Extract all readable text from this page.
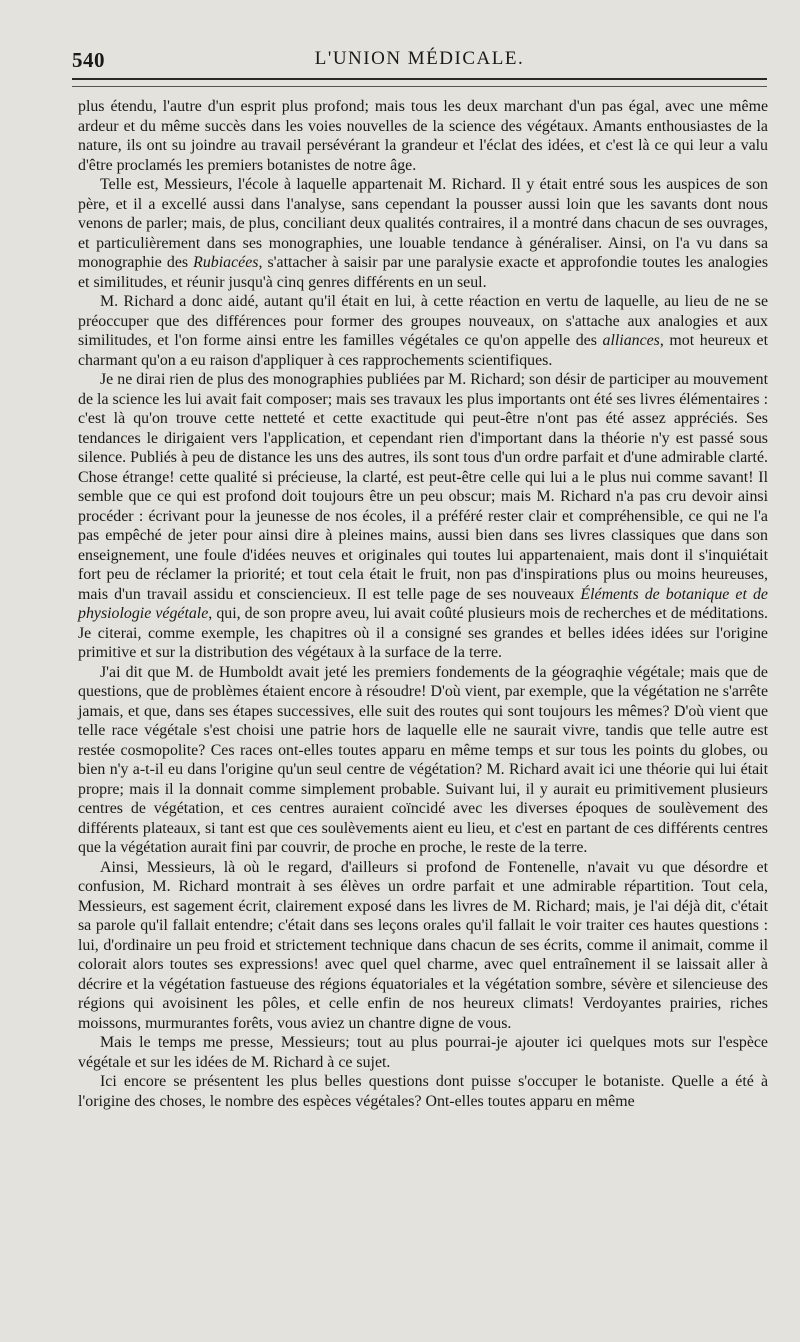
540	L'UNION MÉDICALE.

plus étendu, l'autre d'un esprit plus profond; mais tous les deux marchant d'un pas égal, avec une même ardeur et du même succès dans les voies nouvelles de la science des végétaux. Amants enthousiastes de la nature, ils ont su joindre au travail persévérant la grandeur et l'éclat des idées, et c'est là ce qui leur a valu d'être proclamés les premiers botanistes de notre âge.

Telle est, Messieurs, l'école à laquelle appartenait M. Richard. Il y était entré sous les auspices de son père, et il a excellé aussi dans l'analyse, sans cependant la pousser aussi loin que les savants dont nous venons de parler; mais, de plus, conciliant deux qualités contraires, il a montré dans chacun de ses ouvrages, et particulièrement dans ses monographies, une louable tendance à généraliser. Ainsi, on l'a vu dans sa monographie des Rubiacées, s'attacher à saisir par une paralysie exacte et approfondie toutes les analogies et similitudes, et réunir jusqu'à cinq genres différents en un seul.

M. Richard a donc aidé, autant qu'il était en lui, à cette réaction en vertu de laquelle, au lieu de ne se préoccuper que des différences pour former des groupes nouveaux, on s'attache aux analogies et aux similitudes, et l'on forme ainsi entre les familles végétales ce qu'on appelle des alliances, mot heureux et charmant qu'on a eu raison d'appliquer à ces rapprochements scientifiques.

Je ne dirai rien de plus des monographies publiées par M. Richard; son désir de participer au mouvement de la science les lui avait fait composer; mais ses travaux les plus importants ont été ses livres élémentaires : c'est là qu'on trouve cette netteté et cette exactitude qui peut-être n'ont pas été assez appréciés. Ses tendances le dirigaient vers l'application, et cependant rien d'important dans la théorie n'y est passé sous silence. Publiés à peu de distance les uns des autres, ils sont tous d'un ordre parfait et d'une admirable clarté. Chose étrange! cette qualité si précieuse, la clarté, est peut-être celle qui lui a le plus nui comme savant! Il semble que ce qui est profond doit toujours être un peu obscur; mais M. Richard n'a pas cru devoir ainsi procéder : écrivant pour la jeunesse de nos écoles, il a préféré rester clair et compréhensible, ce qui ne l'a pas empêché de jeter pour ainsi dire à pleines mains, aussi bien dans ses livres classiques que dans son enseignement, une foule d'idées neuves et originales qui toutes lui appartenaient, mais dont il s'inquiétait fort peu de réclamer la priorité; et tout cela était le fruit, non pas d'inspirations plus ou moins heureuses, mais d'un travail assidu et consciencieux. Il est telle page de ses nouveaux Éléments de botanique et de physiologie végétale, qui, de son propre aveu, lui avait coûté plusieurs mois de recherches et de méditations. Je citerai, comme exemple, les chapitres où il a consigné ses grandes et belles idées idées sur l'origine primitive et sur la distribution des végétaux à la surface de la terre.

J'ai dit que M. de Humboldt avait jeté les premiers fondements de la géograqhie végétale; mais que de questions, que de problèmes étaient encore à résoudre! D'où vient, par exemple, que la végétation ne s'arrête jamais, et que, dans ses étapes successives, elle suit des routes qui sont toujours les mêmes? D'où vient que telle race végétale s'est choisi une patrie hors de laquelle elle ne saurait vivre, tandis que telle autre est restée cosmopolite? Ces races ont-elles toutes apparu en même temps et sur tous les points du globes, ou bien n'y a-t-il eu dans l'origine qu'un seul centre de végétation? M. Richard avait ici une théorie qui lui était propre; mais il la donnait comme simplement probable. Suivant lui, il y aurait eu primitivement plusieurs centres de végétation, et ces centres auraient coïncidé avec les diverses époques de soulèvement des différents plateaux, si tant est que ces soulèvements aient eu lieu, et c'est en partant de ces différents centres que la végétation aurait fini par couvrir, de proche en proche, le reste de la terre.

Ainsi, Messieurs, là où le regard, d'ailleurs si profond de Fontenelle, n'avait vu que désordre et confusion, M. Richard montrait à ses élèves un ordre parfait et une admirable répartition. Tout cela, Messieurs, est sagement écrit, clairement exposé dans les livres de M. Richard; mais, je l'ai déjà dit, c'était sa parole qu'il fallait entendre; c'était dans ses leçons orales qu'il fallait le voir traiter ces hautes questions : lui, d'ordinaire un peu froid et strictement technique dans chacun de ses écrits, comme il animait, comme il colorait alors toutes ses expressions! avec quel quel charme, avec quel entraînement il se laissait aller à décrire et la végétation fastueuse des régions équatoriales et la végétation sombre, sévère et silencieuse des régions qui avoisinent les pôles, et celle enfin de nos heureux climats! Verdoyantes prairies, riches moissons, murmurantes forêts, vous aviez un chantre digne de vous.

Mais le temps me presse, Messieurs; tout au plus pourrai-je ajouter ici quelques mots sur l'espèce végétale et sur les idées de M. Richard à ce sujet.

Ici encore se présentent les plus belles questions dont puisse s'occuper le botaniste. Quelle a été à l'origine des choses, le nombre des espèces végétales? Ont-elles toutes apparu en même
